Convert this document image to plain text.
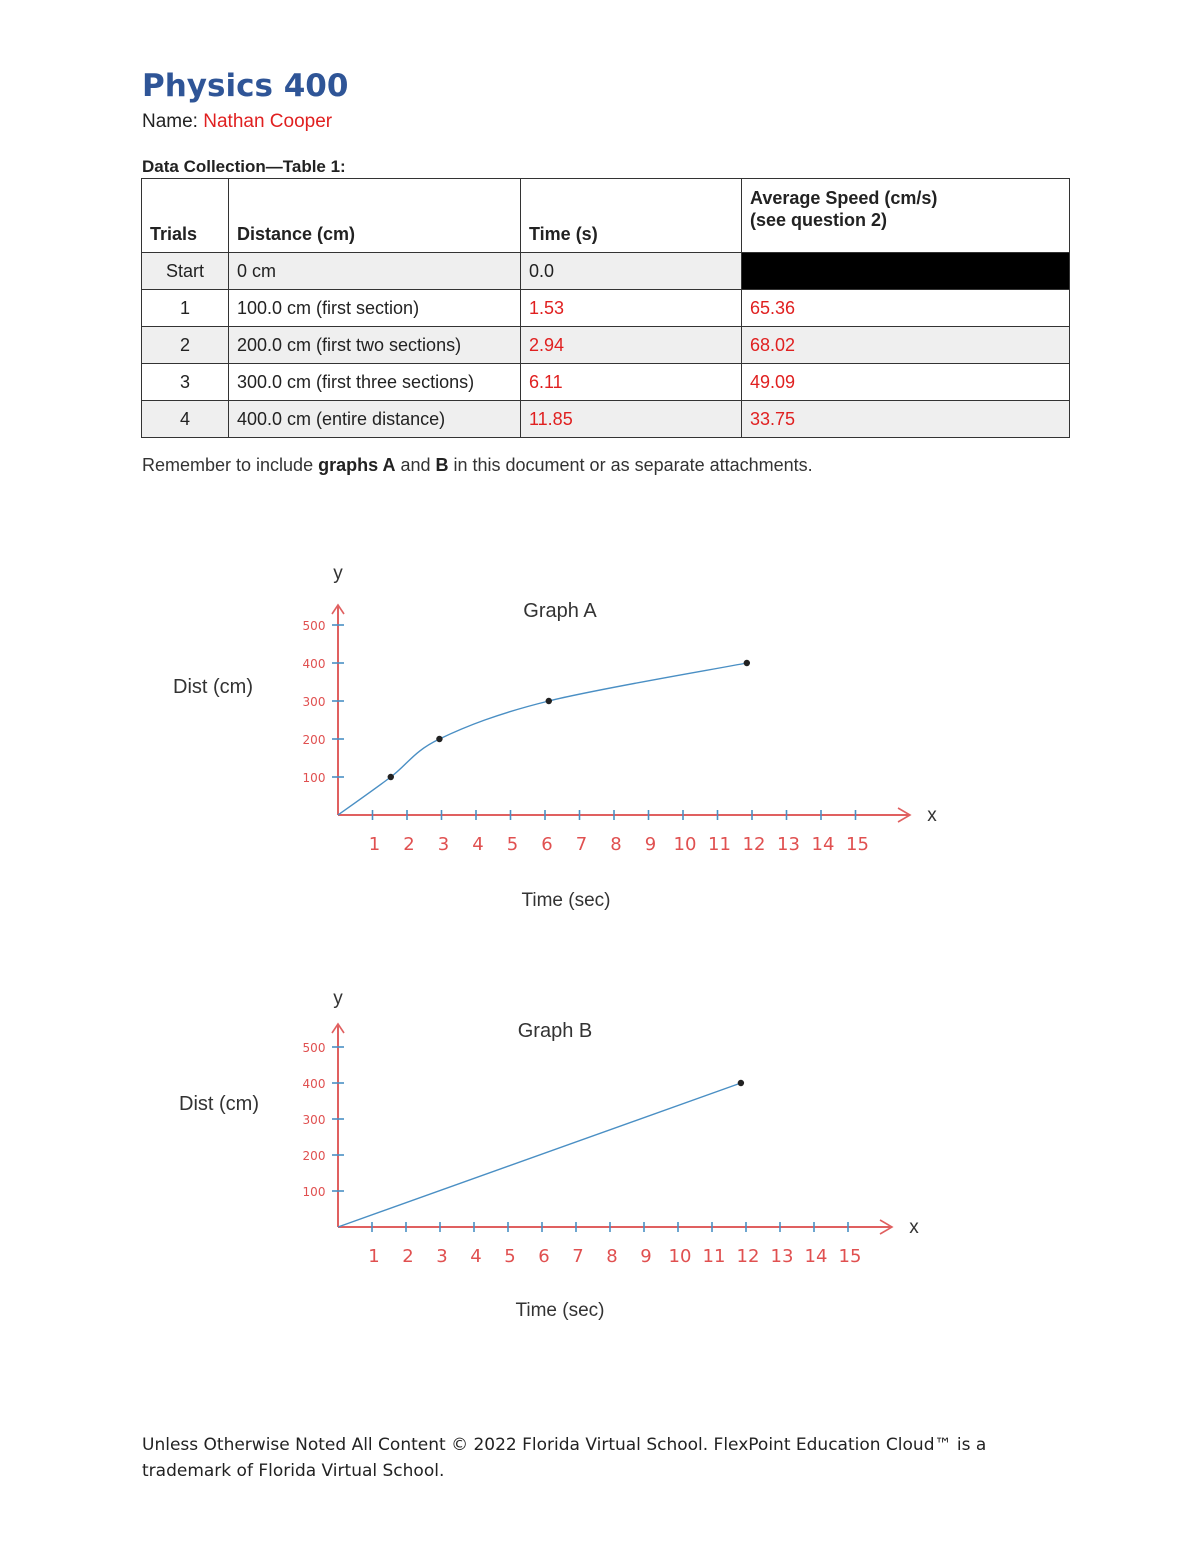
Physics 400
Name: Nathan Cooper
Data Collection—Table 1:
Trials	Distance (cm)	Time (s)	Average Speed (cm/s)
(see question 2)
Start	0 cm	0.0	
1	100.0 cm (first section)	1.53	65.36
2	200.0 cm (first two sections)	2.94	68.02
3	300.0 cm (first three sections)	6.11	49.09
4	400.0 cm (entire distance)	11.85	33.75
Remember to include graphs A and B in this document or as separate attachments.
1 2 3 4 5 6 7 8 9 10 11 12 13 14 15
100
200
300
400
500
Graph A
Dist (cm)
Time (sec)
y
x
1 2 3 4 5 6 7 8 9 10 11 12 13 14 15
100
200
300
400
500
Graph B
Dist (cm)
Time (sec)
y
x
Unless Otherwise Noted All Content © 2022 Florida Virtual School. FlexPoint Education Cloud™ is a trademark of Florida Virtual School.
